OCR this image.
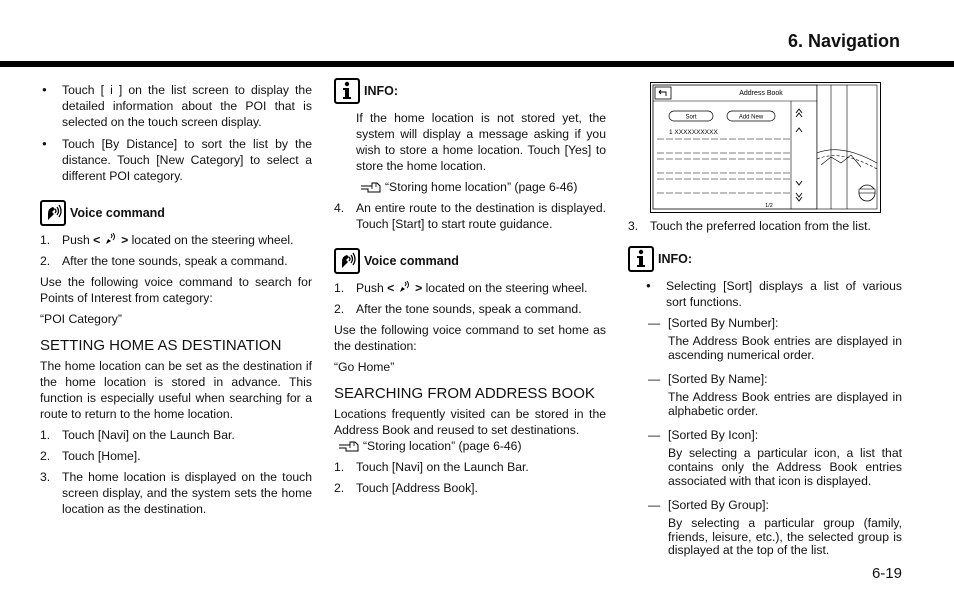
6. Navigation
● Touch [ i ] on the list screen to display the detailed information about the POI that is selected on the touch screen display.
● Touch [By Distance] to sort the list by the distance. Touch [New Category] to select a different POI category.
Voice command
1. Push < > located on the steering wheel.
2. After the tone sounds, speak a command.

Use the following voice command to search for Points of Interest from category:

“POI Category”

SETTING HOME AS DESTINATION

The home location can be set as the destination if the home location is stored in advance. This function is especially useful when searching for a route to return to the home location.

1. Touch [Navi] on the Launch Bar.
2. Touch [Home].
3. The home location is displayed on the touch screen display, and the system sets the home location as the destination.
INFO:

If the home location is not stored yet, the system will display a message asking if you wish to store a home location. Touch [Yes] to store the home location.

“Storing home location” (page 6-46)
4. An entire route to the destination is displayed. Touch [Start] to start route guidance.
Voice command
1. Push < > located on the steering wheel.
2. After the tone sounds, speak a command.

Use the following voice command to set home as the destination:

“Go Home”

SEARCHING FROM ADDRESS BOOK

Locations frequently visited can be stored in the Address Book and reused to set destinations.

“Storing location” (page 6-46)
1. Touch [Navi] on the Launch Bar.
2. Touch [Address Book].
Address Book
Sort	Add New
1 XXXXXXXXXX
1/2
3. Touch the preferred location from the list.
INFO:
● Selecting [Sort] displays a list of various sort functions.
— [Sorted By Number]:

The Address Book entries are displayed in ascending numerical order.

— [Sorted By Name]:

The Address Book entries are displayed in alphabetic order.

— [Sorted By Icon]:

By selecting a particular icon, a list that contains only the Address Book entries associated with that icon is displayed.

— [Sorted By Group]:

By selecting a particular group (family, friends, leisure, etc.), the selected group is displayed at the top of the list.

6-19
